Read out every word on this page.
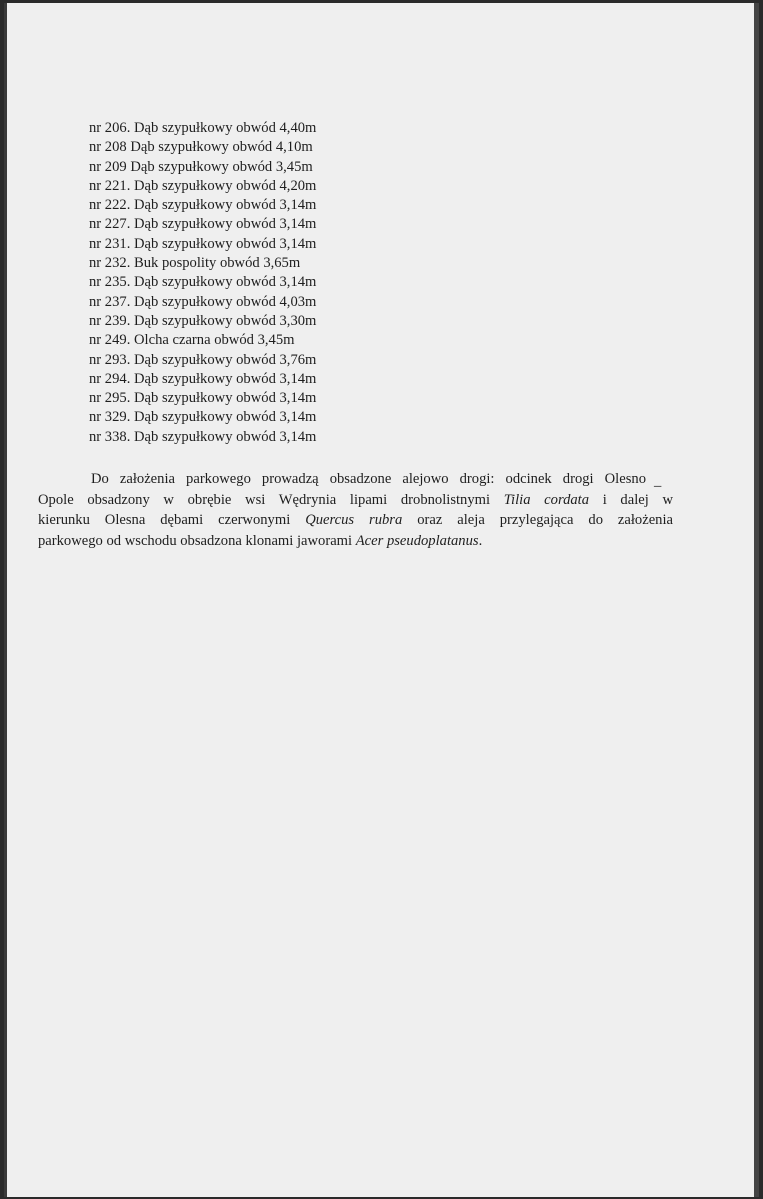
nr 206. Dąb szypułkowy obwód 4,40m
nr 208 Dąb szypułkowy obwód 4,10m
nr 209 Dąb szypułkowy obwód 3,45m
nr 221. Dąb szypułkowy obwód 4,20m
nr 222. Dąb szypułkowy obwód 3,14m
nr 227. Dąb szypułkowy obwód 3,14m
nr 231. Dąb szypułkowy obwód 3,14m
nr 232. Buk pospolity obwód 3,65m
nr 235. Dąb szypułkowy obwód 3,14m
nr 237. Dąb szypułkowy obwód 4,03m
nr 239. Dąb szypułkowy obwód 3,30m
nr 249. Olcha czarna obwód 3,45m
nr 293. Dąb szypułkowy obwód 3,76m
nr 294. Dąb szypułkowy obwód 3,14m
nr 295. Dąb szypułkowy obwód 3,14m
nr 329. Dąb szypułkowy obwód 3,14m
nr 338. Dąb szypułkowy obwód 3,14m
_

Do założenia parkowego prowadzą obsadzone alejowo drogi: odcinek drogi Olesno
Opole obsadzony w obrębie wsi Wędrynia lipami drobnolistnymi Tilia cordata i dalej w
kierunku Olesna dębami czerwonymi Quercus rubra oraz aleja przylegająca do założenia
parkowego od wschodu obsadzona klonami jaworami Acer pseudoplatanus.
